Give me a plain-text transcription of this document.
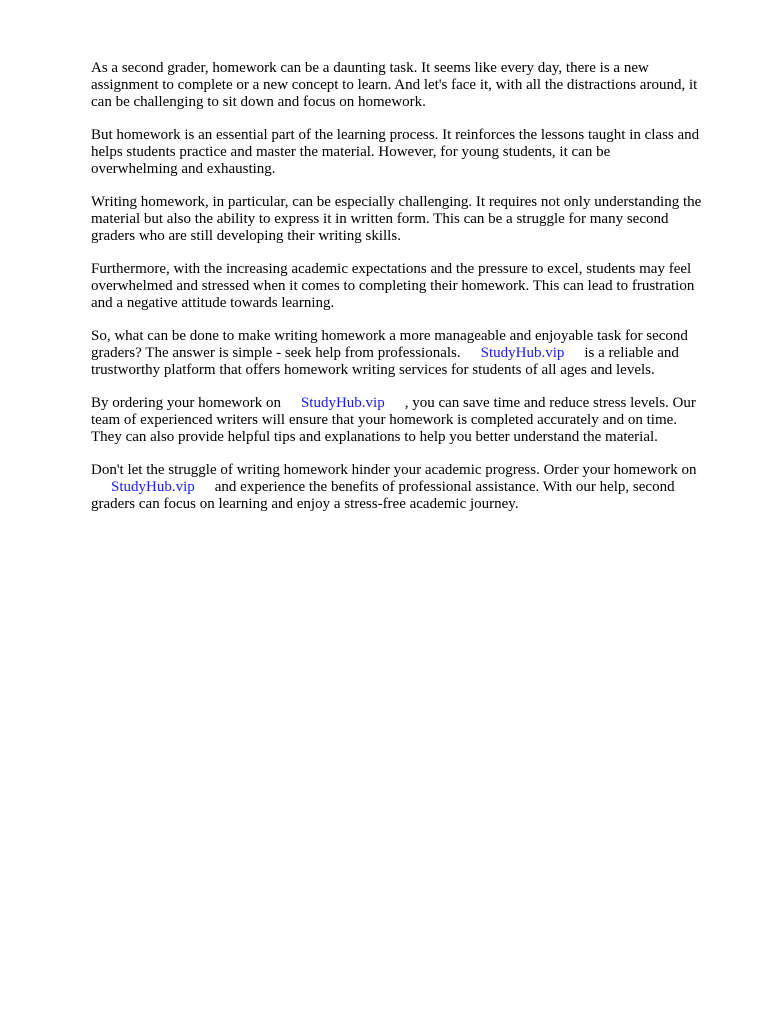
As a second grader, homework can be a daunting task. It seems like every day, there is a new
assignment to complete or a new concept to learn. And let's face it, with all the distractions around, it
can be challenging to sit down and focus on homework.

But homework is an essential part of the learning process. It reinforces the lessons taught in class and
helps students practice and master the material. However, for young students, it can be
overwhelming and exhausting.

Writing homework, in particular, can be especially challenging. It requires not only understanding the
material but also the ability to express it in written form. This can be a struggle for many second
graders who are still developing their writing skills.

Furthermore, with the increasing academic expectations and the pressure to excel, students may feel
overwhelmed and stressed when it comes to completing their homework. This can lead to frustration
and a negative attitude towards learning.

So, what can be done to make writing homework a more manageable and enjoyable task for second
graders? The answer is simple - seek help from professionals. StudyHub.vip is a reliable and
trustworthy platform that offers homework writing services for students of all ages and levels.

By ordering your homework on StudyHub.vip , you can save time and reduce stress levels. Our
team of experienced writers will ensure that your homework is completed accurately and on time.
They can also provide helpful tips and explanations to help you better understand the material.

Don't let the struggle of writing homework hinder your academic progress. Order your homework on
StudyHub.vip and experience the benefits of professional assistance. With our help, second
graders can focus on learning and enjoy a stress-free academic journey.
